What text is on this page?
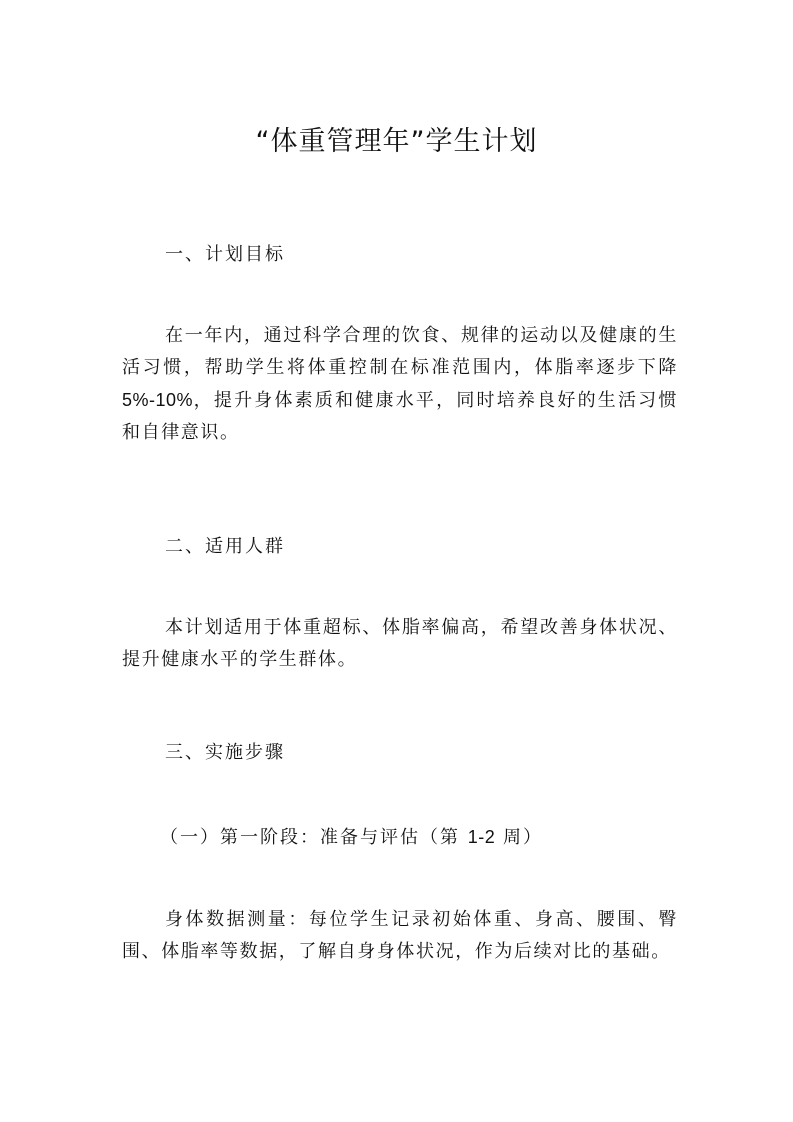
“体重管理年”学生计划

一、计划目标

在一年内，通过科学合理的饮食、规律的运动以及健康的生活习惯，帮助学生将体重控制在标准范围内，体脂率逐步下降 5%-10%，提升身体素质和健康水平，同时培养良好的生活习惯和自律意识。

二、适用人群

本计划适用于体重超标、体脂率偏高，希望改善身体状况、提升健康水平的学生群体。

三、实施步骤

（一）第一阶段：准备与评估（第 1-2 周）

身体数据测量：每位学生记录初始体重、身高、腰围、臀围、体脂率等数据，了解自身身体状况，作为后续对比的基础。
